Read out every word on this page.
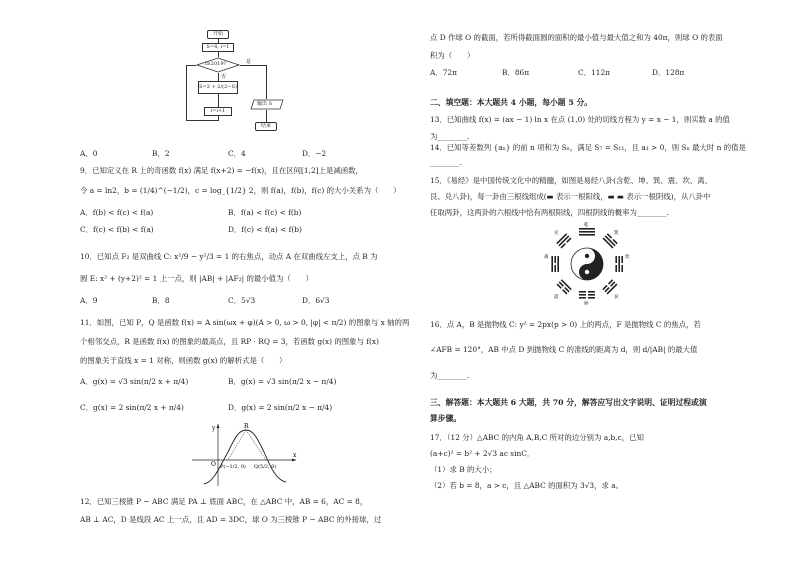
开始
S=4, i=1
i≥2019?
否
是
S=2 + 2/(2−S)
i=i+1
输出 S
结束
A．0	B．2	C．4	D．−2
9．已知定义在 R 上的奇函数 f(x) 满足 f(x+2) = −f(x)，且在区间[1,2]上是减函数，
令 a = ln2，b = (1/4)^(−1/2)，c = log_{1/2} 2，则 f(a)，f(b)，f(c) 的大小关系为（　　）
A．f(b) < f(c) < f(a)	B．f(a) < f(c) < f(b)
C．f(c) < f(b) < f(a)	D．f(c) < f(a) < f(b)
10．已知点 F₂ 是双曲线 C: x²/9 − y²/3 = 1 的右焦点，动点 A 在双曲线左支上，点 B 为
圆 E: x² + (y+2)² = 1 上一点，则 |AB| + |AF₂| 的最小值为（　　）
A．9	B．8	C．5√3	D．6√3
11．如图，已知 P，Q 是函数 f(x) = A sin(ωx + φ)(A > 0, ω > 0, |φ| < π/2) 的图象与 x 轴的两
个相邻交点，R 是函数 f(x) 的图象的最高点，且 RP · RQ = 3，若函数 g(x) 的图象与 f(x)
的图象关于直线 x = 1 对称，则函数 g(x) 的解析式是（　　）
A．g(x) = √3 sin(π/2 x + π/4)	B．g(x) = √3 sin(π/2 x − π/4)
C．g(x) = 2 sin(π/2 x + π/4)	D．g(x) = 2 sin(π/2 x − π/4)
y
x
O
R
P(−1/2, 0) Q(5/2, 0)
12．已知三棱锥 P − ABC 满足 PA ⊥ 底面 ABC，在 △ABC 中，AB = 6，AC = 8，
AB ⊥ AC，D 是线段 AC 上一点，且 AD = 3DC，球 O 为三棱锥 P − ABC 的外接球，过
点 D 作球 O 的截面，若所得截面圆的面积的最小值与最大值之和为 40π，则球 O 的表面
积为（　　）
A．72π	B．86π	C．112π	D．128π
二、填空题：本大题共 4 小题，每小题 5 分。
13．已知曲线 f(x) = (ax − 1) ln x 在点 (1,0) 处的切线方程为 y = x − 1，则实数 a 的值
为________.
14．已知等差数列 {aₙ} 的前 n 项和为 Sₙ，满足 S₇ = S₁₁，且 a₁ > 0，则 Sₙ 最大时 n 的值是
________.
15．《易经》是中国传统文化中的精髓，如图是易经八卦(含乾、坤、巽、震、坎、离、
艮、兑八卦)，每一卦由三根线组成(▬ 表示一根阳线，▬ ▬ 表示一根阴线)，从八卦中
任取两卦，这两卦的六根线中恰有两根阳线，四根阴线的概率为________.
乾
巽
坎
艮
坤
震
离
兑
16．点 A，B 是抛物线 C: y² = 2px(p > 0) 上的两点，F 是抛物线 C 的焦点，若
∠AFB = 120°，AB 中点 D 到抛物线 C 的准线的距离为 d，则 d/|AB| 的最大值
为________.
三、解答题：本大题共 6 大题，共 70 分，解答应写出文字说明、证明过程或演
算步骤。
17．（12 分）△ABC 的内角 A,B,C 所对的边分别为 a,b,c，已知
(a+c)² = b² + 2√3 ac sinC．
（1）求 B 的大小；
（2）若 b = 8，a > c，且 △ABC 的面积为 3√3，求 a。
